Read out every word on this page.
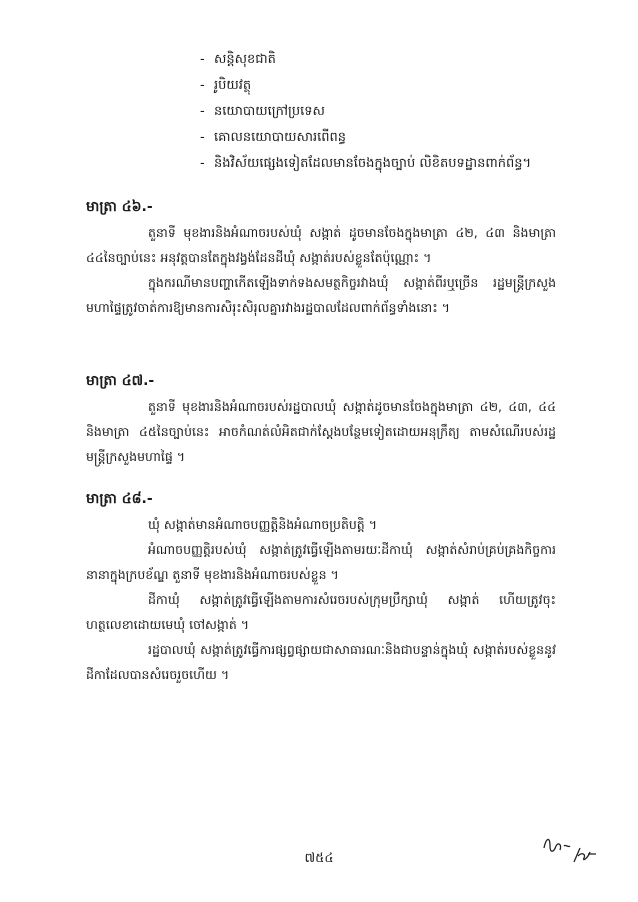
- សន្តិសុខជាតិ
- រូបិយវត្ថុ
- នយោបាយក្រៅប្រទេស
- គោលនយោបាយសារពើពន្ធ
- និងវិស័យផ្សេងទៀតដែលមានចែងក្នុងច្បាប់ លិខិតបទដ្ឋានពាក់ព័ន្ធ។
មាត្រា ៤៦.-

តួនាទី មុខងារនិងអំណាចរបស់ឃុំ សង្កាត់ ដូចមានចែងក្នុងមាត្រា ៤២, ៤៣ និងមាត្រា ៤៤នៃច្បាប់នេះ អនុវត្តបានតែក្នុងវង្វង់ដែនដីឃុំ សង្កាត់របស់ខ្លួនតែប៉ុណ្ណោះ ។

ក្នុងករណីមានបញ្ហាកើតឡើងទាក់ទងសមត្ថកិច្ចរវាងឃុំ សង្កាត់ពីរឬច្រើន រដ្ឋមន្ត្រីក្រសួងមហាផ្ទៃត្រូវចាត់ការឱ្យមានការសិរុះសិរុលគ្នារវាងរដ្ឋបាលដែលពាក់ព័ន្ធទាំងនោះ ។

មាត្រា ៤៧.-

តួនាទី មុខងារនិងអំណាចរបស់រដ្ឋបាលឃុំ សង្កាត់ដូចមានចែងក្នុងមាត្រា ៤២, ៤៣, ៤៤ និងមាត្រា ៤៥នៃច្បាប់នេះ អាចកំណត់លំអិតជាក់ស្តែងបន្ថែមទៀតដោយអនុក្រឹត្យ តាមសំណើរបស់រដ្ឋមន្ត្រីក្រសួងមហាផ្ទៃ ។

មាត្រា ៤៨.-

ឃុំ សង្កាត់មានអំណាចបញ្ញត្តិនិងអំណាចប្រតិបត្តិ ។

អំណាចបញ្ញត្តិរបស់ឃុំ សង្កាត់ត្រូវធ្វើឡើងតាមរយៈដីកាឃុំ សង្កាត់សំរាប់គ្រប់គ្រងកិច្ចការនានាក្នុងក្របខ័ណ្ឌ តួនាទី មុខងារនិងអំណាចរបស់ខ្លួន ។

ដីកាឃុំ សង្កាត់ត្រូវធ្វើឡើងតាមការសំរេចរបស់ក្រុមប្រឹក្សាឃុំ សង្កាត់ ហើយត្រូវចុះហត្ថលេខាដោយមេឃុំ ចៅសង្កាត់ ។

រដ្ឋបាលឃុំ សង្កាត់ត្រូវធ្វើការផ្សព្វផ្សាយជាសាធារណៈនិងជាបន្ទាន់ក្នុងឃុំ សង្កាត់របស់ខ្លួននូវដីកាដែលបានសំរេចរួចហើយ ។

៧៥៤
